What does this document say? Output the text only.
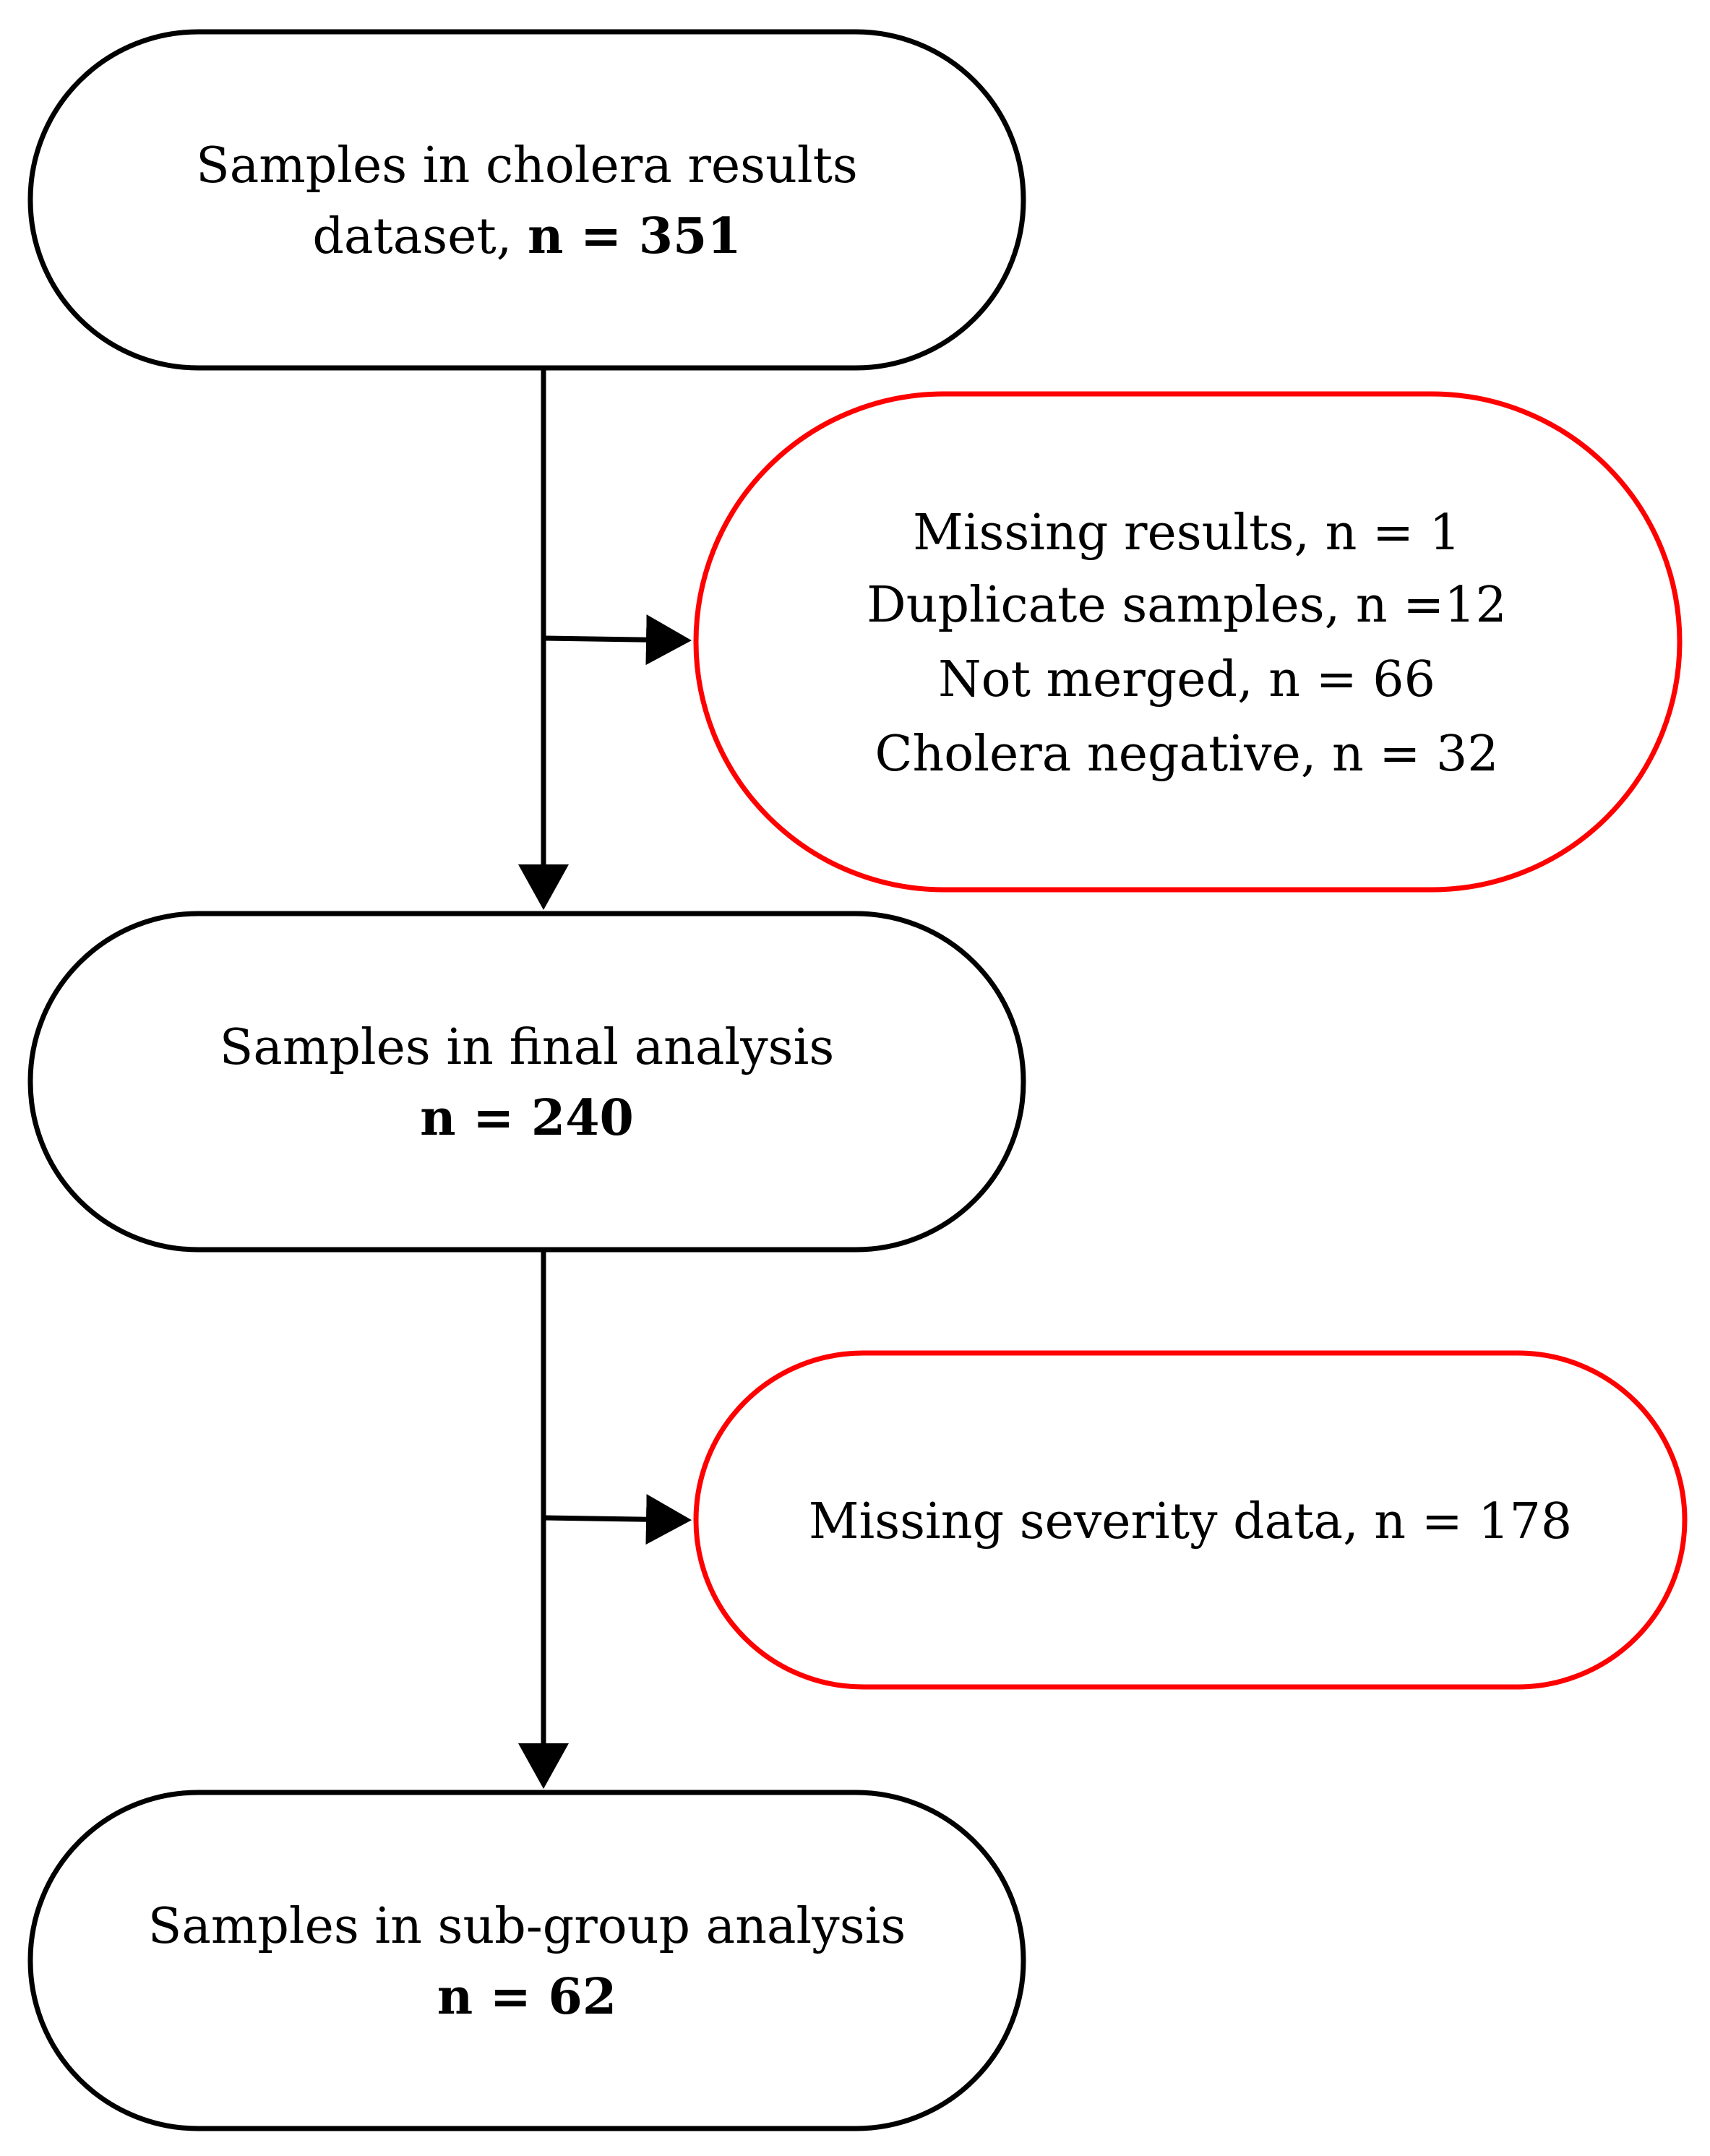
Samples in cholera results
dataset, n = 351
Missing results, n = 1
Duplicate samples, n =12
Not merged, n = 66
Cholera negative, n = 32
Samples in final analysis
n = 240
Missing severity data, n = 178
Samples in sub-group analysis
n = 62
